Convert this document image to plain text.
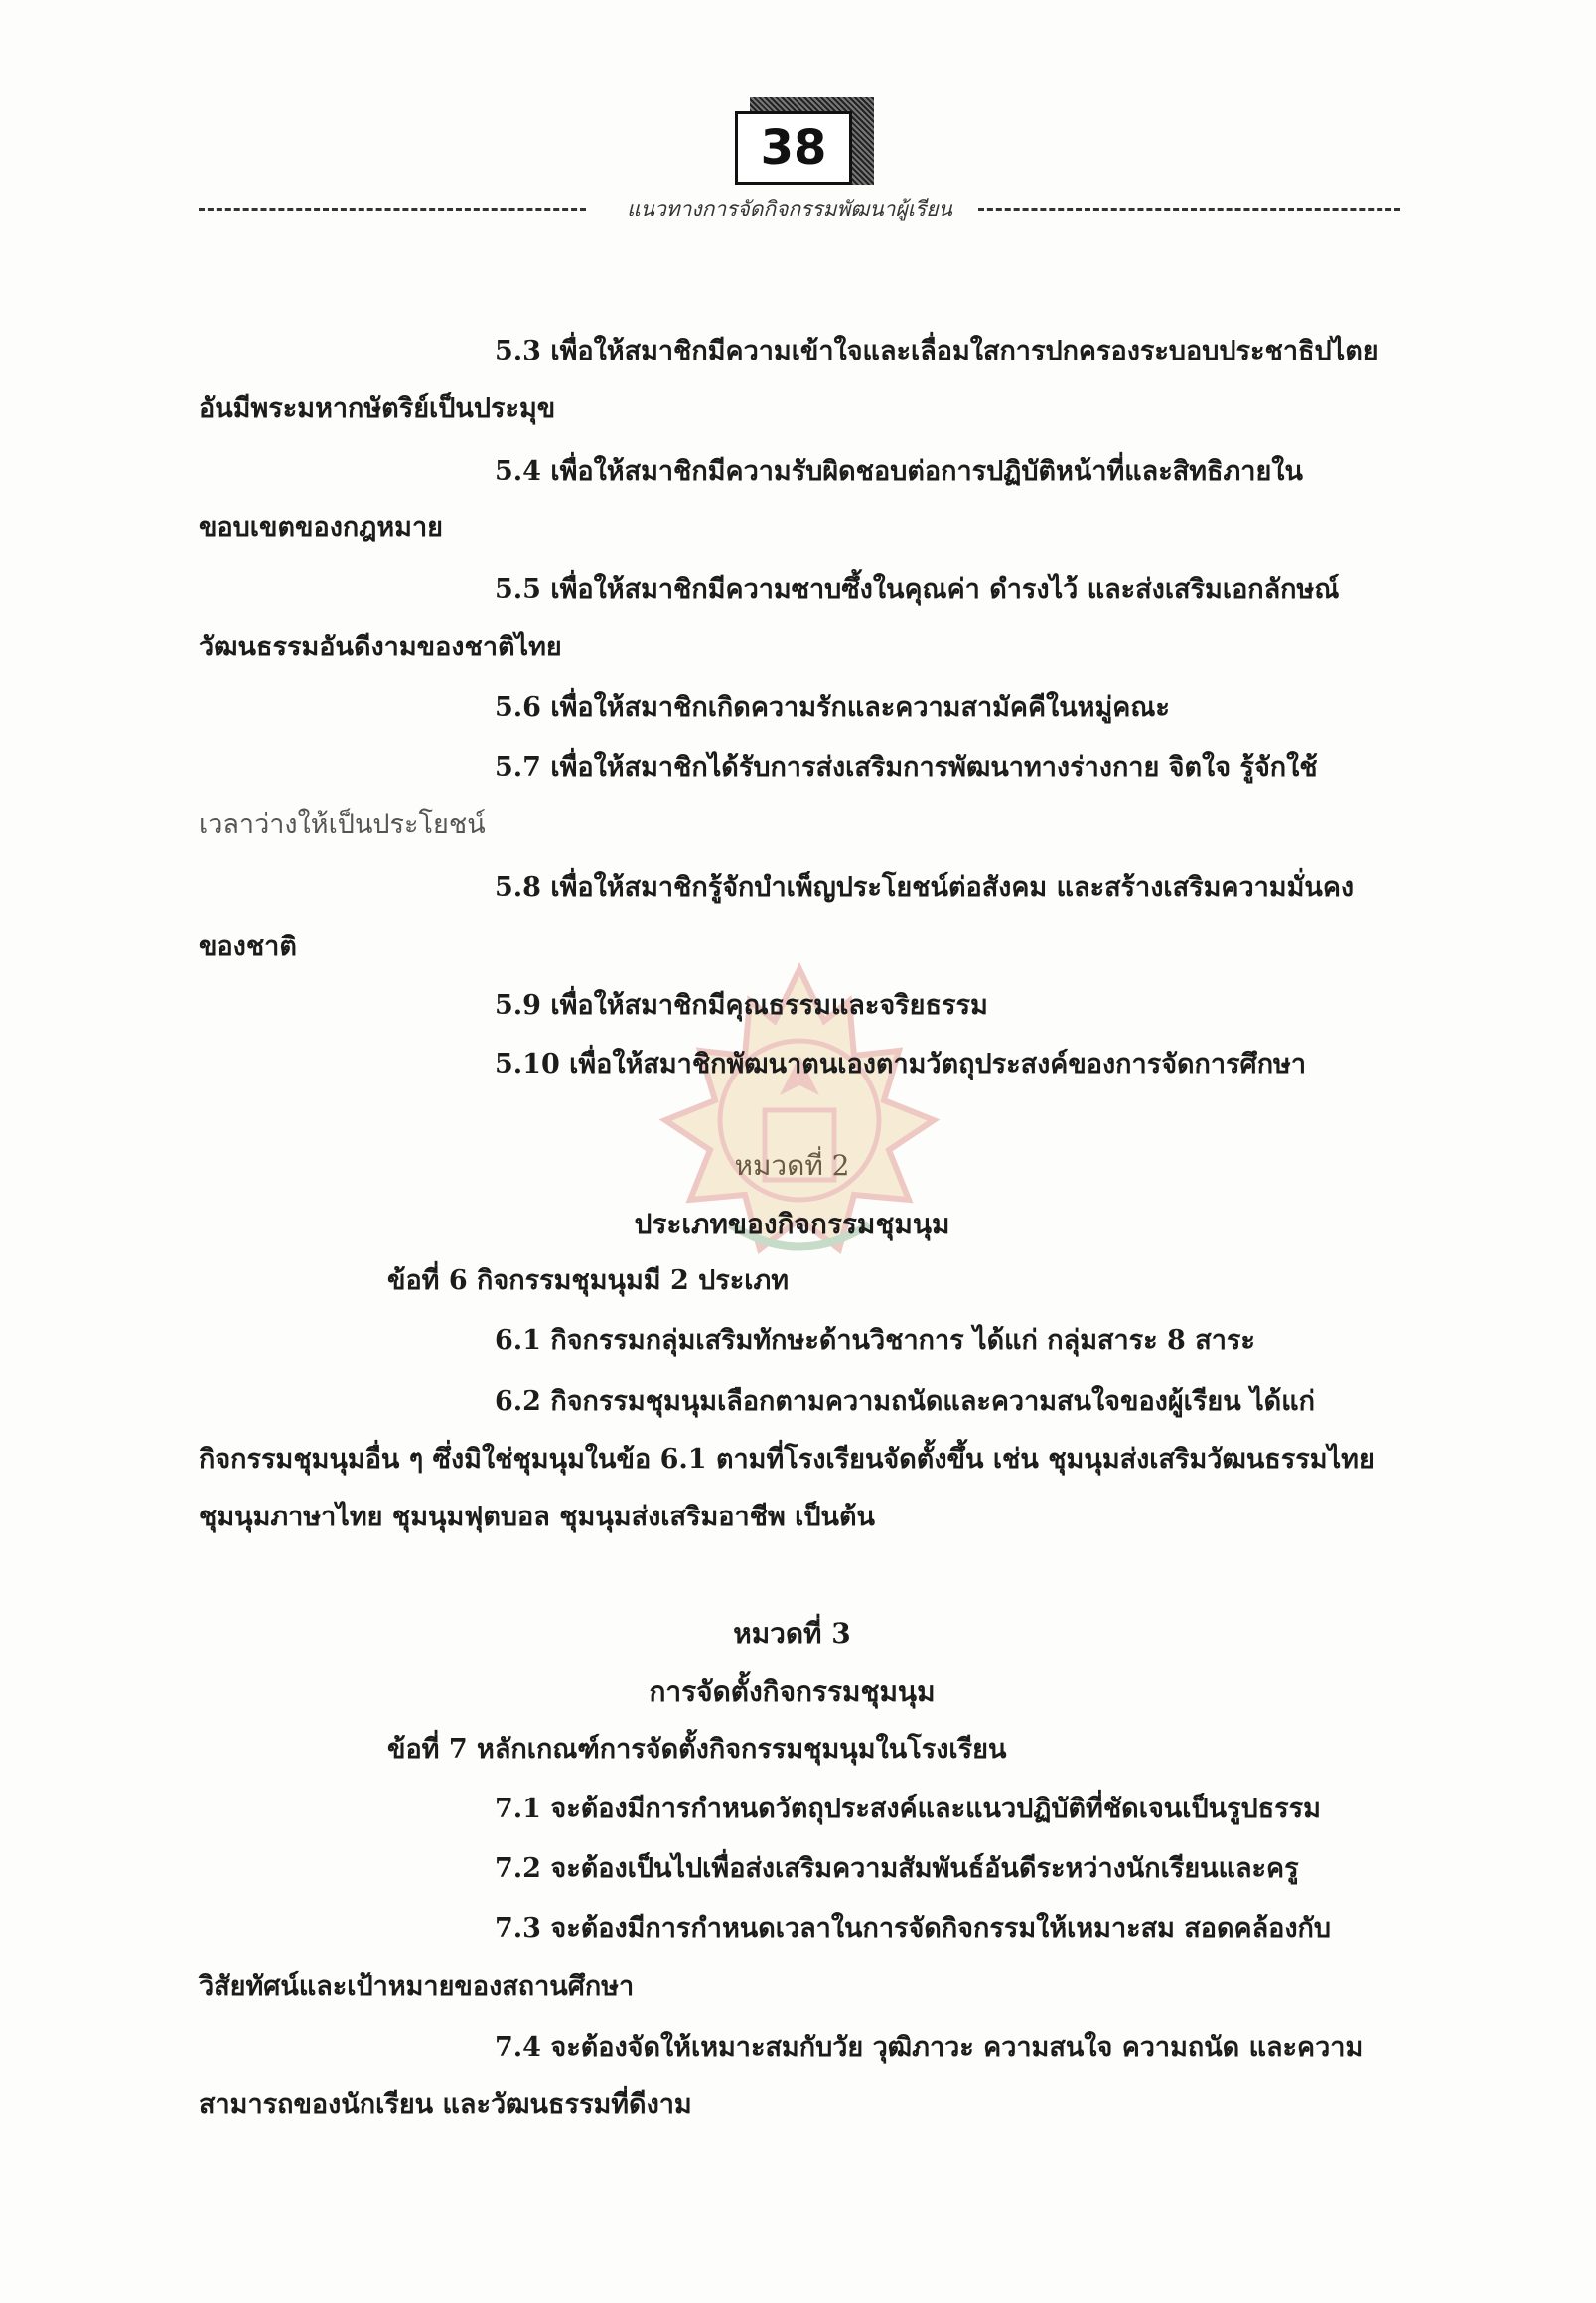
38
แนวทางการจัดกิจกรรมพัฒนาผู้เรียน
5.3 เพื่อให้สมาชิกมีความเข้าใจและเลื่อมใสการปกครองระบอบประชาธิปไตย
อันมีพระมหากษัตริย์เป็นประมุข
5.4 เพื่อให้สมาชิกมีความรับผิดชอบต่อการปฏิบัติหน้าที่และสิทธิภายใน
ขอบเขตของกฎหมาย
5.5 เพื่อให้สมาชิกมีความซาบซึ้งในคุณค่า ดำรงไว้ และส่งเสริมเอกลักษณ์
วัฒนธรรมอันดีงามของชาติไทย
5.6 เพื่อให้สมาชิกเกิดความรักและความสามัคคีในหมู่คณะ
5.7 เพื่อให้สมาชิกได้รับการส่งเสริมการพัฒนาทางร่างกาย จิตใจ รู้จักใช้
เวลาว่างให้เป็นประโยชน์
5.8 เพื่อให้สมาชิกรู้จักบำเพ็ญประโยชน์ต่อสังคม และสร้างเสริมความมั่นคง
ของชาติ
5.9 เพื่อให้สมาชิกมีคุณธรรมและจริยธรรม
5.10 เพื่อให้สมาชิกพัฒนาตนเองตามวัตถุประสงค์ของการจัดการศึกษา
หมวดที่ 2
ประเภทของกิจกรรมชุมนุม
ข้อที่ 6 กิจกรรมชุมนุมมี 2 ประเภท
6.1 กิจกรรมกลุ่มเสริมทักษะด้านวิชาการ ได้แก่ กลุ่มสาระ 8 สาระ
6.2 กิจกรรมชุมนุมเลือกตามความถนัดและความสนใจของผู้เรียน ได้แก่
กิจกรรมชุมนุมอื่น ๆ ซึ่งมิใช่ชุมนุมในข้อ 6.1 ตามที่โรงเรียนจัดตั้งขึ้น เช่น ชุมนุมส่งเสริมวัฒนธรรมไทย
ชุมนุมภาษาไทย ชุมนุมฟุตบอล ชุมนุมส่งเสริมอาชีพ เป็นต้น
หมวดที่ 3
การจัดตั้งกิจกรรมชุมนุม
ข้อที่ 7 หลักเกณฑ์การจัดตั้งกิจกรรมชุมนุมในโรงเรียน
7.1 จะต้องมีการกำหนดวัตถุประสงค์และแนวปฏิบัติที่ชัดเจนเป็นรูปธรรม
7.2 จะต้องเป็นไปเพื่อส่งเสริมความสัมพันธ์อันดีระหว่างนักเรียนและครู
7.3 จะต้องมีการกำหนดเวลาในการจัดกิจกรรมให้เหมาะสม สอดคล้องกับ
วิสัยทัศน์และเป้าหมายของสถานศึกษา
7.4 จะต้องจัดให้เหมาะสมกับวัย วุฒิภาวะ ความสนใจ ความถนัด และความ
สามารถของนักเรียน และวัฒนธรรมที่ดีงาม
